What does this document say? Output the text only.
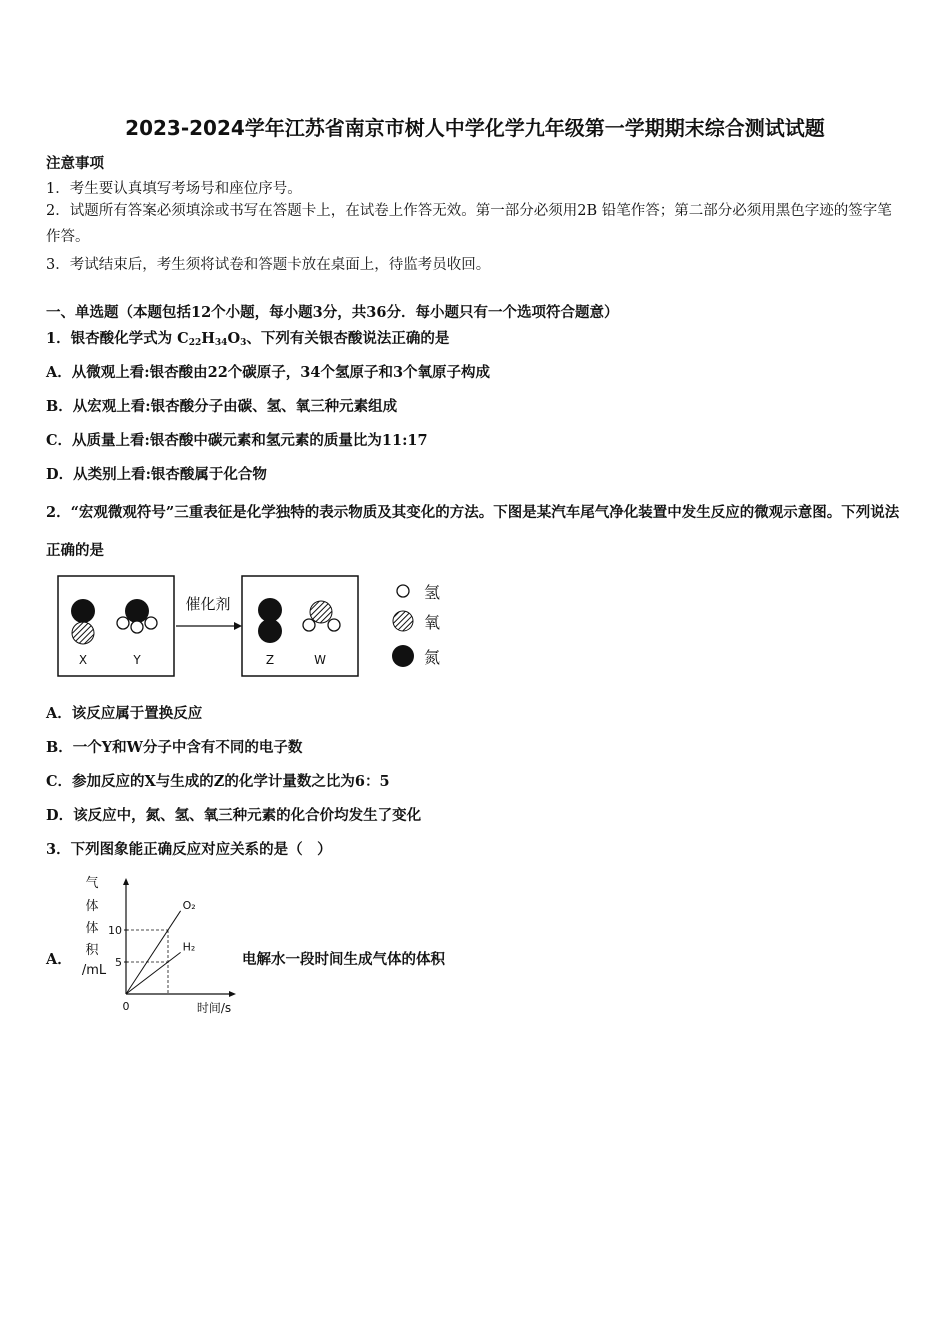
2023-2024学年江苏省南京市树人中学化学九年级第一学期期末综合测试试题
注意事项
1．考生要认真填写考场号和座位序号。
2．试题所有答案必须填涂或书写在答题卡上，在试卷上作答无效。第一部分必须用2B 铅笔作答；第二部分必须用黑色字迹的签字笔作答。
3．考试结束后，考生须将试卷和答题卡放在桌面上，待监考员收回。
一、单选题（本题包括12个小题，每小题3分，共36分．每小题只有一个选项符合题意）
1．银杏酸化学式为 $C_{22}H_{34}O_3$、下列有关银杏酸说法正确的是
A．从微观上看:银杏酸由22个碳原子，34个氢原子和3个氧原子构成
B．从宏观上看:银杏酸分子由碳、氢、氧三种元素组成
C．从质量上看:银杏酸中碳元素和氢元素的质量比为11:17
D．从类别上看:银杏酸属于化合物
2．“宏观微观符号”三重表征是化学独特的表示物质及其变化的方法。下图是某汽车尾气净化装置中发生反应的微观示意图。下列说法正确的是
X	Y
催化剂
Z	W
氢
氧
氮
A．该反应属于置换反应
B．一个Y和W分子中含有不同的电子数
C．参加反应的X与生成的Z的化学计量数之比为6：5
D．该反应中，氮、氢、氧三种元素的化合价均发生了变化
3．下列图象能正确反应对应关系的是（　）
A．
气
体
体
积
/mL
0	时间/s
10
5
O₂
H₂
电解水一段时间生成气体的体积
